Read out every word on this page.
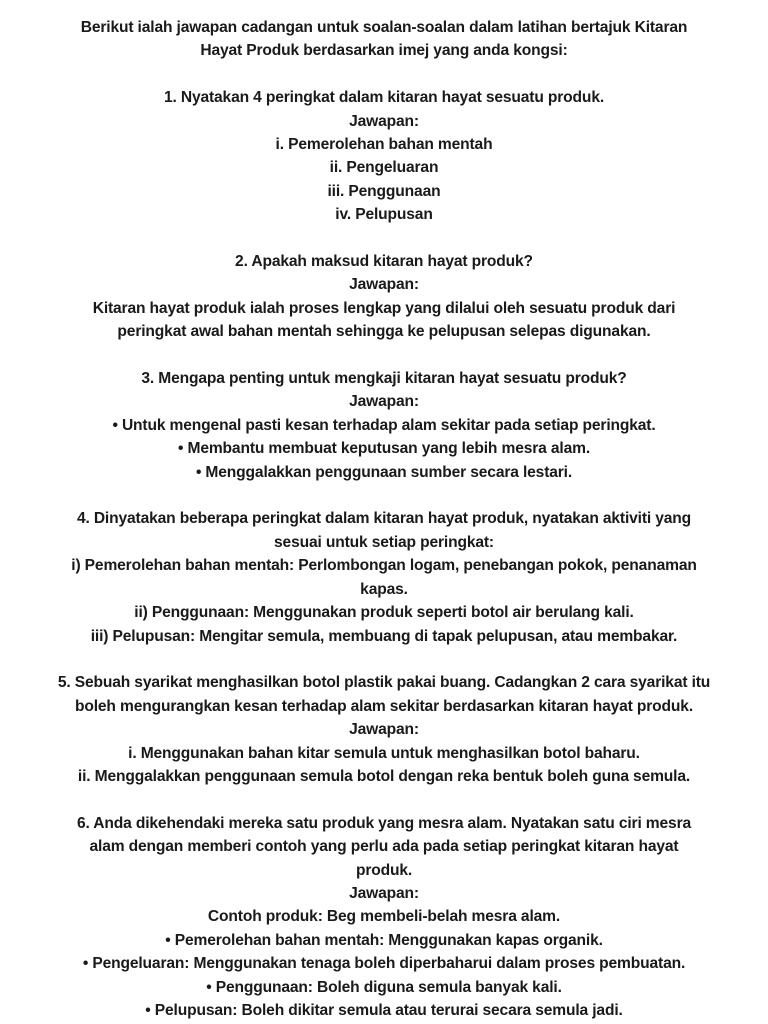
Berikut ialah jawapan cadangan untuk soalan-soalan dalam latihan bertajuk Kitaran
Hayat Produk berdasarkan imej yang anda kongsi:
1. Nyatakan 4 peringkat dalam kitaran hayat sesuatu produk.
Jawapan:
i. Pemerolehan bahan mentah
ii. Pengeluaran
iii. Penggunaan
iv. Pelupusan
2. Apakah maksud kitaran hayat produk?
Jawapan:
Kitaran hayat produk ialah proses lengkap yang dilalui oleh sesuatu produk dari
peringkat awal bahan mentah sehingga ke pelupusan selepas digunakan.
3. Mengapa penting untuk mengkaji kitaran hayat sesuatu produk?
Jawapan:
• Untuk mengenal pasti kesan terhadap alam sekitar pada setiap peringkat.
• Membantu membuat keputusan yang lebih mesra alam.
• Menggalakkan penggunaan sumber secara lestari.
4. Dinyatakan beberapa peringkat dalam kitaran hayat produk, nyatakan aktiviti yang
sesuai untuk setiap peringkat:
i) Pemerolehan bahan mentah: Perlombongan logam, penebangan pokok, penanaman
kapas.
ii) Penggunaan: Menggunakan produk seperti botol air berulang kali.
iii) Pelupusan: Mengitar semula, membuang di tapak pelupusan, atau membakar.
5. Sebuah syarikat menghasilkan botol plastik pakai buang. Cadangkan 2 cara syarikat itu
boleh mengurangkan kesan terhadap alam sekitar berdasarkan kitaran hayat produk.
Jawapan:
i. Menggunakan bahan kitar semula untuk menghasilkan botol baharu.
ii. Menggalakkan penggunaan semula botol dengan reka bentuk boleh guna semula.
6. Anda dikehendaki mereka satu produk yang mesra alam. Nyatakan satu ciri mesra
alam dengan memberi contoh yang perlu ada pada setiap peringkat kitaran hayat
produk.
Jawapan:
Contoh produk: Beg membeli-belah mesra alam.
• Pemerolehan bahan mentah: Menggunakan kapas organik.
• Pengeluaran: Menggunakan tenaga boleh diperbaharui dalam proses pembuatan.
• Penggunaan: Boleh diguna semula banyak kali.
• Pelupusan: Boleh dikitar semula atau terurai secara semula jadi.
